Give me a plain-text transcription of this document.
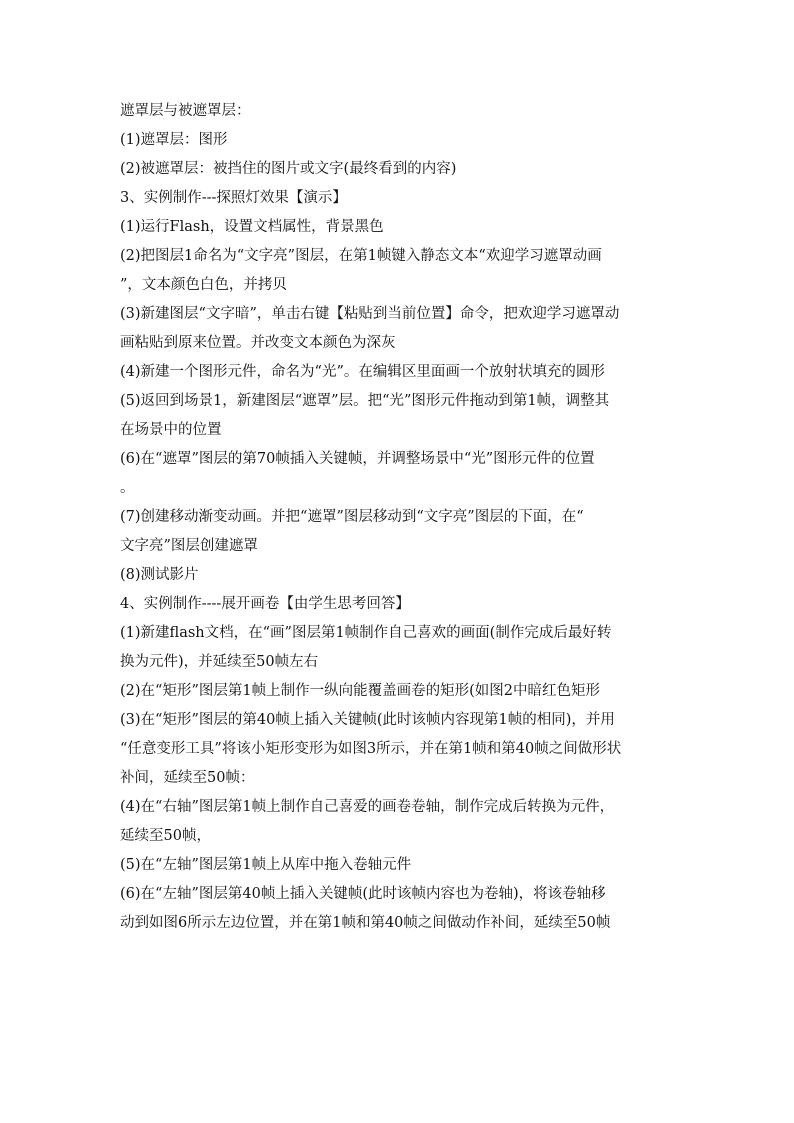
遮罩层与被遮罩层：
(1)遮罩层：图形
(2)被遮罩层：被挡住的图片或文字(最终看到的内容)
3、实例制作---探照灯效果【演示】
(1)运行Flash，设置文档属性，背景黑色
(2)把图层1命名为“文字亮”图层，在第1帧键入静态文本“欢迎学习遮罩动画
”，文本颜色白色，并拷贝
(3)新建图层“文字暗”，单击右键【粘贴到当前位置】命令，把欢迎学习遮罩动
画粘贴到原来位置。并改变文本颜色为深灰
(4)新建一个图形元件，命名为“光”。在编辑区里面画一个放射状填充的圆形
(5)返回到场景1，新建图层“遮罩”层。把“光”图形元件拖动到第1帧，调整其
在场景中的位置
(6)在“遮罩”图层的第70帧插入关键帧，并调整场景中“光”图形元件的位置
。
(7)创建移动渐变动画。并把“遮罩”图层移动到“文字亮”图层的下面，在“
文字亮”图层创建遮罩
(8)测试影片
4、实例制作----展开画卷【由学生思考回答】
(1)新建flash文档，在“画”图层第1帧制作自己喜欢的画面(制作完成后最好转
换为元件)，并延续至50帧左右
(2)在“矩形”图层第1帧上制作一纵向能覆盖画卷的矩形(如图2中暗红色矩形
(3)在“矩形”图层的第40帧上插入关键帧(此时该帧内容现第1帧的相同)，并用
“任意变形工具”将该小矩形变形为如图3所示，并在第1帧和第40帧之间做形状
补间，延续至50帧：
(4)在“右轴”图层第1帧上制作自己喜爱的画卷卷轴，制作完成后转换为元件，
延续至50帧，
(5)在“左轴”图层第1帧上从库中拖入卷轴元件
(6)在“左轴”图层第40帧上插入关键帧(此时该帧内容也为卷轴)，将该卷轴移
动到如图6所示左边位置，并在第1帧和第40帧之间做动作补间，延续至50帧
